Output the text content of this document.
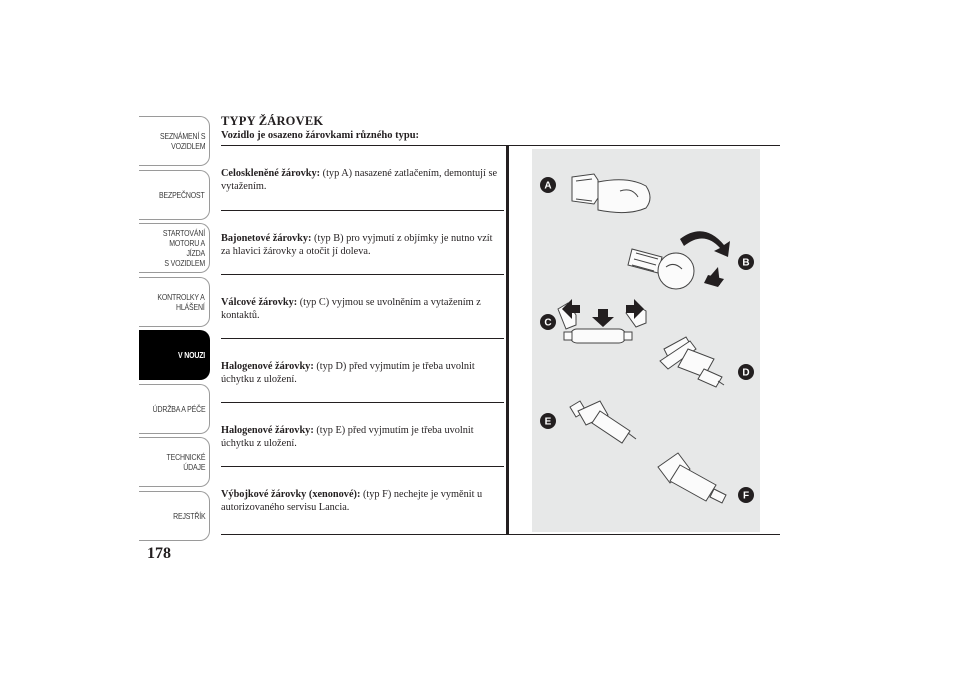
SEZNÁMENÍ S
VOZIDLEM
BEZPEČNOST
STARTOVÁNÍ
MOTORU A JÍZDA
S VOZIDLEM
KONTROLKY A
HLÁŠENÍ
V NOUZI
ÚDRŽBA A PÉČE
TECHNICKÉ
ÚDAJE
REJSTŘÍK
178
TYPY ŽÁROVEK
Vozidlo je osazeno žárovkami různého typu:
Celoskleněné žárovky: (typ A) nasazené zatlačením, demontují se vytažením.
Bajonetové žárovky: (typ B) pro vyjmutí z objímky je nutno vzít za hlavici žárovky a otočit jí doleva.
Válcové žárovky: (typ C) vyjmou se uvolněním a vytažením z kontaktů.
Halogenové žárovky: (typ D) před vyjmutím je třeba uvolnit úchytku z uložení.
Halogenové žárovky: (typ E) před vyjmutím je třeba uvolnit úchytku z uložení.
Výbojkové žárovky (xenonové): (typ F) nechejte je vyměnit u autorizovaného servisu Lancia.
A
B
C
D
E
F
